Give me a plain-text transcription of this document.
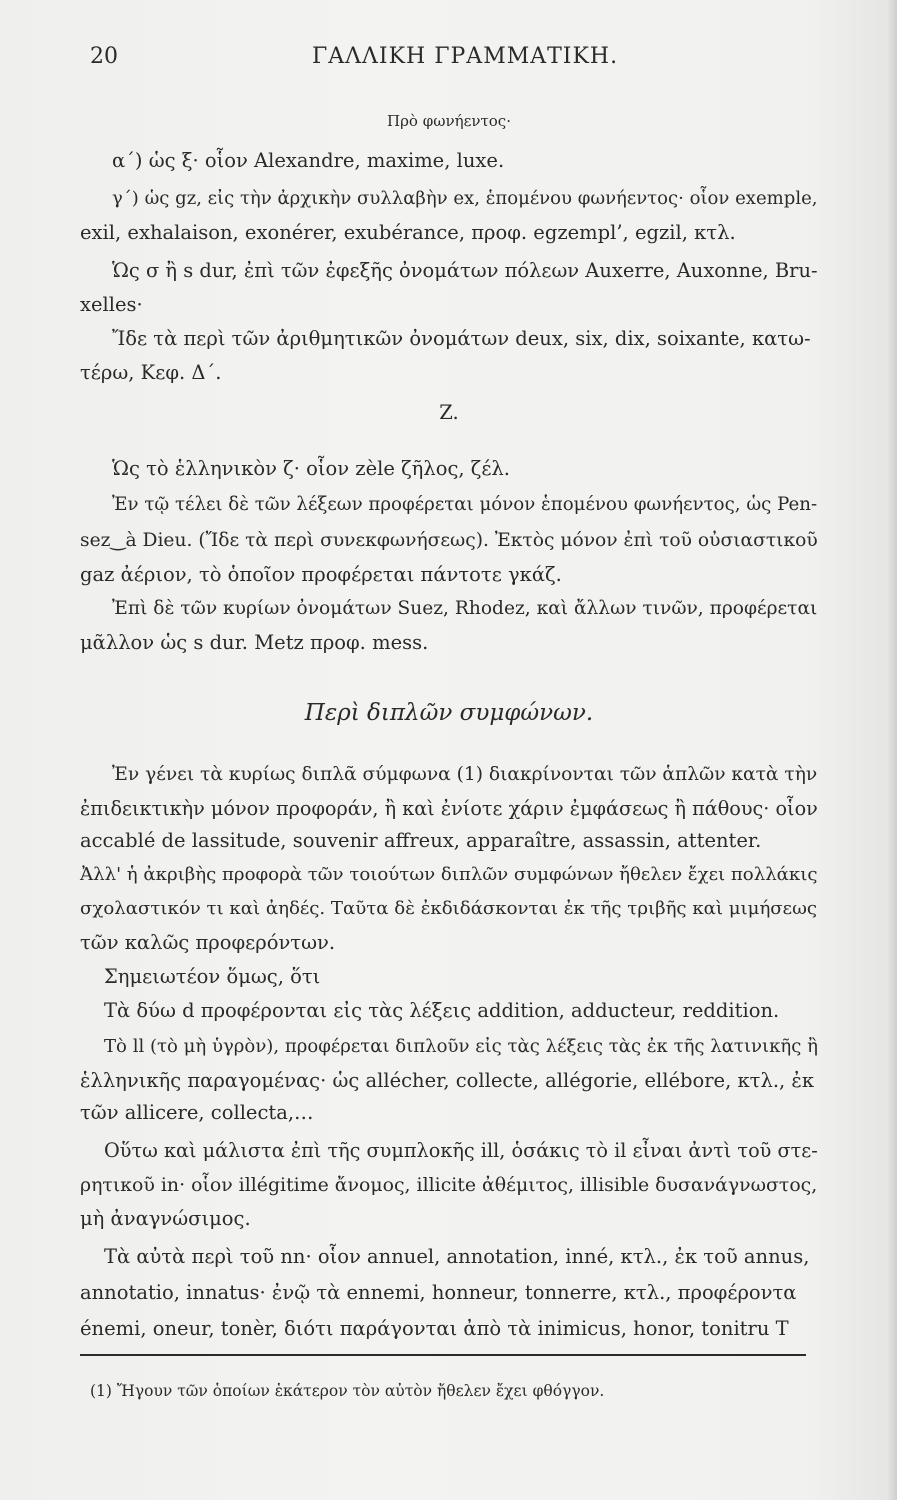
20	ΓΑΛΛΙΚΗ ΓΡΑΜΜΑΤΙΚΗ.
Πρὸ φωνήεντος·
α΄) ὡς ξ· οἷον Alexandre, maxime, luxe.
γ΄) ὡς gz, εἰς τὴν ἀρχικὴν συλλαβὴν ex, ἑπομένου φωνήεντος· οἷον exemple,
exil, exhalaison, exonérer, exubérance, προφ. egzempl’, egzil, κτλ.
Ὡς σ ἢ s dur, ἐπὶ τῶν ἐφεξῆς ὀνομάτων πόλεων Auxerre, Auxonne, Bru-
xelles·
Ἴδε τὰ περὶ τῶν ἀριθμητικῶν ὀνομάτων deux, six, dix, soixante, κατω-
τέρω, Κεφ. Δ΄.
Z.
Ὡς τὸ ἑλληνικὸν ζ· οἷον zèle ζῆλος, ζέλ.
Ἐν τῷ τέλει δὲ τῶν λέξεων προφέρεται μόνον ἑπομένου φωνήεντος, ὡς Pen-
sez‿à Dieu. (Ἴδε τὰ περὶ συνεκφωνήσεως). Ἐκτὸς μόνον ἐπὶ τοῦ οὐσιαστικοῦ
gaz ἀέριον, τὸ ὁποῖον προφέρεται πάντοτε γκάζ.
Ἐπὶ δὲ τῶν κυρίων ὀνομάτων Suez, Rhodez, καὶ ἄλλων τινῶν, προφέρεται
μᾶλλον ὡς s dur. Metz προφ. mess.
Περὶ διπλῶν συμφώνων.
Ἐν γένει τὰ κυρίως διπλᾶ σύμφωνα (1) διακρίνονται τῶν ἁπλῶν κατὰ τὴν
ἐπιδεικτικὴν μόνον προφοράν, ἢ καὶ ἐνίοτε χάριν ἐμφάσεως ἢ πάθους· οἷον
accablé de lassitude, souvenir affreux, apparaître, assassin, attenter.
Ἀλλ' ἡ ἀκριβὴς προφορὰ τῶν τοιούτων διπλῶν συμφώνων ἤθελεν ἔχει πολλάκις
σχολαστικόν τι καὶ ἀηδές. Ταῦτα δὲ ἐκδιδάσκονται ἐκ τῆς τριβῆς καὶ μιμήσεως
τῶν καλῶς προφερόντων.
Σημειωτέον ὅμως, ὅτι
Τὰ δύω d προφέρονται εἰς τὰς λέξεις addition, adducteur, reddition.
Τὸ ll (τὸ μὴ ὑγρὸν), προφέρεται διπλοῦν εἰς τὰς λέξεις τὰς ἐκ τῆς λατινικῆς ἢ
ἑλληνικῆς παραγομένας· ὡς allécher, collecte, allégorie, ellébore, κτλ., ἐκ
τῶν allicere, collecta,…
Οὕτω καὶ μάλιστα ἐπὶ τῆς συμπλοκῆς ill, ὁσάκις τὸ il εἶναι ἀντὶ τοῦ στε-
ρητικοῦ in· οἷον illégitime ἄνομος, illicite ἀθέμιτος, illisible δυσανάγνωστος,
μὴ ἀναγνώσιμος.
Τὰ αὐτὰ περὶ τοῦ nn· οἷον annuel, annotation, inné, κτλ., ἐκ τοῦ annus,
annotatio, innatus· ἐνῷ τὰ ennemi, honneur, tonnerre, κτλ., προφέροντα
énemi, oneur, tonèr, διότι παράγονται ἀπὸ τὰ inimicus, honor, tonitru Τ
(1) Ἤγουν τῶν ὁποίων ἑκάτερον τὸν αὐτὸν ἤθελεν ἔχει φθόγγον.
